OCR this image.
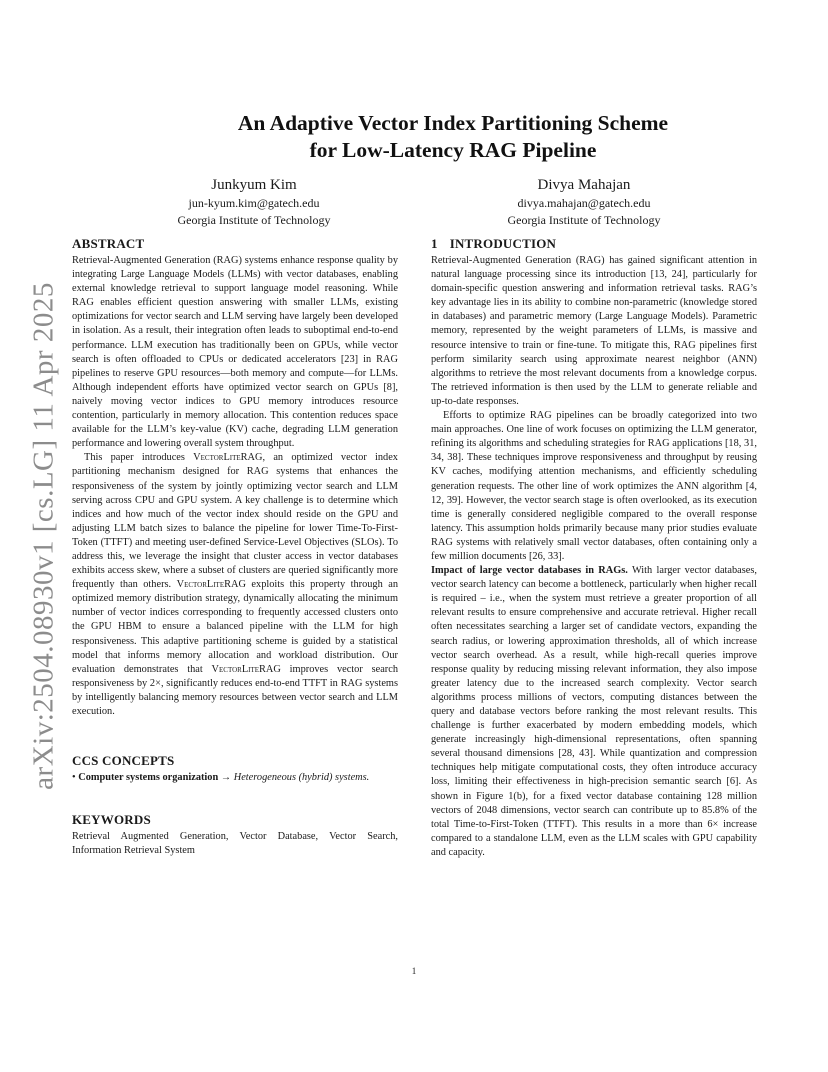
arXiv:2504.08930v1 [cs.LG] 11 Apr 2025
An Adaptive Vector Index Partitioning Scheme
for Low-Latency RAG Pipeline
Junkyum Kim
jun-kyum.kim@gatech.edu
Georgia Institute of Technology
Divya Mahajan
divya.mahajan@gatech.edu
Georgia Institute of Technology
ABSTRACT

Retrieval-Augmented Generation (RAG) systems enhance response quality by integrating Large Language Models (LLMs) with vector databases, enabling external knowledge retrieval to support language model reasoning. While RAG enables efficient question answering with smaller LLMs, existing optimizations for vector search and LLM serving have largely been developed in isolation. As a result, their integration often leads to suboptimal end-to-end performance. LLM execution has traditionally been on GPUs, while vector search is often offloaded to CPUs or dedicated accelerators [23] in RAG pipelines to reserve GPU resources—both memory and compute—for LLMs. Although independent efforts have optimized vector search on GPUs [8], naively moving vector indices to GPU memory introduces resource contention, particularly in memory allocation. This contention reduces space available for the LLM’s key-value (KV) cache, degrading LLM generation performance and lowering overall system throughput.

This paper introduces VectorLiteRAG, an optimized vector index partitioning mechanism designed for RAG systems that enhances the responsiveness of the system by jointly optimizing vector search and LLM serving across CPU and GPU system. A key challenge is to determine which indices and how much of the vector index should reside on the GPU and adjusting LLM batch sizes to balance the pipeline for lower Time-To-First-Token (TTFT) and meeting user-defined Service-Level Objectives (SLOs). To address this, we leverage the insight that cluster access in vector databases exhibits access skew, where a subset of clusters are queried significantly more frequently than others. VectorLiteRAG exploits this property through an optimized memory distribution strategy, dynamically allocating the minimum number of vector indices corresponding to frequently accessed clusters onto the GPU HBM to ensure a balanced pipeline with the LLM for high responsiveness. This adaptive partitioning scheme is guided by a statistical model that informs memory allocation and workload distribution. Our evaluation demonstrates that VectorLiteRAG improves vector search responsiveness by 2×, significantly reduces end-to-end TTFT in RAG systems by intelligently balancing memory resources between vector search and LLM execution.

CCS CONCEPTS

• Computer systems organization → Heterogeneous (hybrid) systems.

KEYWORDS

Retrieval Augmented Generation, Vector Database, Vector Search, Information Retrieval System

1 INTRODUCTION

Retrieval-Augmented Generation (RAG) has gained significant attention in natural language processing since its introduction [13, 24], particularly for domain-specific question answering and information retrieval tasks. RAG’s key advantage lies in its ability to combine non-parametric (knowledge stored in databases) and parametric memory (Large Language Models). Parametric memory, represented by the weight parameters of LLMs, is massive and resource intensive to train or fine-tune. To mitigate this, RAG pipelines first perform similarity search using approximate nearest neighbor (ANN) algorithms to retrieve the most relevant documents from a knowledge corpus. The retrieved information is then used by the LLM to generate reliable and up-to-date responses.

Efforts to optimize RAG pipelines can be broadly categorized into two main approaches. One line of work focuses on optimizing the LLM generator, refining its algorithms and scheduling strategies for RAG applications [18, 31, 34, 38]. These techniques improve responsiveness and throughput by reusing KV caches, modifying attention mechanisms, and efficiently scheduling generation requests. The other line of work optimizes the ANN algorithm [4, 12, 39]. However, the vector search stage is often overlooked, as its execution time is generally considered negligible compared to the overall response latency. This assumption holds primarily because many prior studies evaluate RAG systems with relatively small vector databases, often containing only a few million documents [26, 33].

Impact of large vector databases in RAGs. With larger vector databases, vector search latency can become a bottleneck, particularly when higher recall is required – i.e., when the system must retrieve a greater proportion of all relevant results to ensure comprehensive and accurate retrieval. Higher recall often necessitates searching a larger set of candidate vectors, expanding the search radius, or lowering approximation thresholds, all of which increase vector search overhead. As a result, while high-recall queries improve response quality by reducing missing relevant information, they also impose greater latency due to the increased search complexity. Vector search algorithms process millions of vectors, computing distances between the query and database vectors before ranking the most relevant results. This challenge is further exacerbated by modern embedding models, which generate increasingly high-dimensional representations, often spanning several thousand dimensions [28, 43]. While quantization and compression techniques help mitigate computational costs, they often introduce accuracy loss, limiting their effectiveness in high-precision semantic search [6]. As shown in Figure 1(b), for a fixed vector database containing 128 million vectors of 2048 dimensions, vector search can contribute up to 85.8% of the total Time-to-First-Token (TTFT). This results in a more than 6× increase compared to a standalone LLM, even as the LLM scales with GPU capability and capacity.

1
